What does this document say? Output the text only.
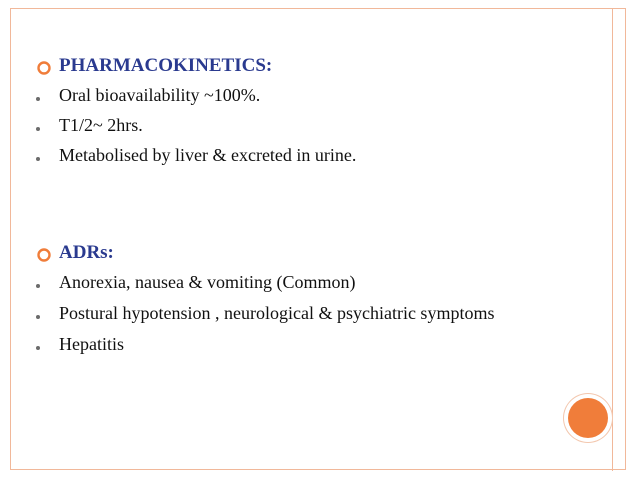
PHARMACOKINETICS:
Oral bioavailability ~100%.
T1/2~ 2hrs.
Metabolised by liver & excreted in urine.
ADRs:
Anorexia, nausea & vomiting (Common)
Postural hypotension , neurological & psychiatric symptoms
Hepatitis
